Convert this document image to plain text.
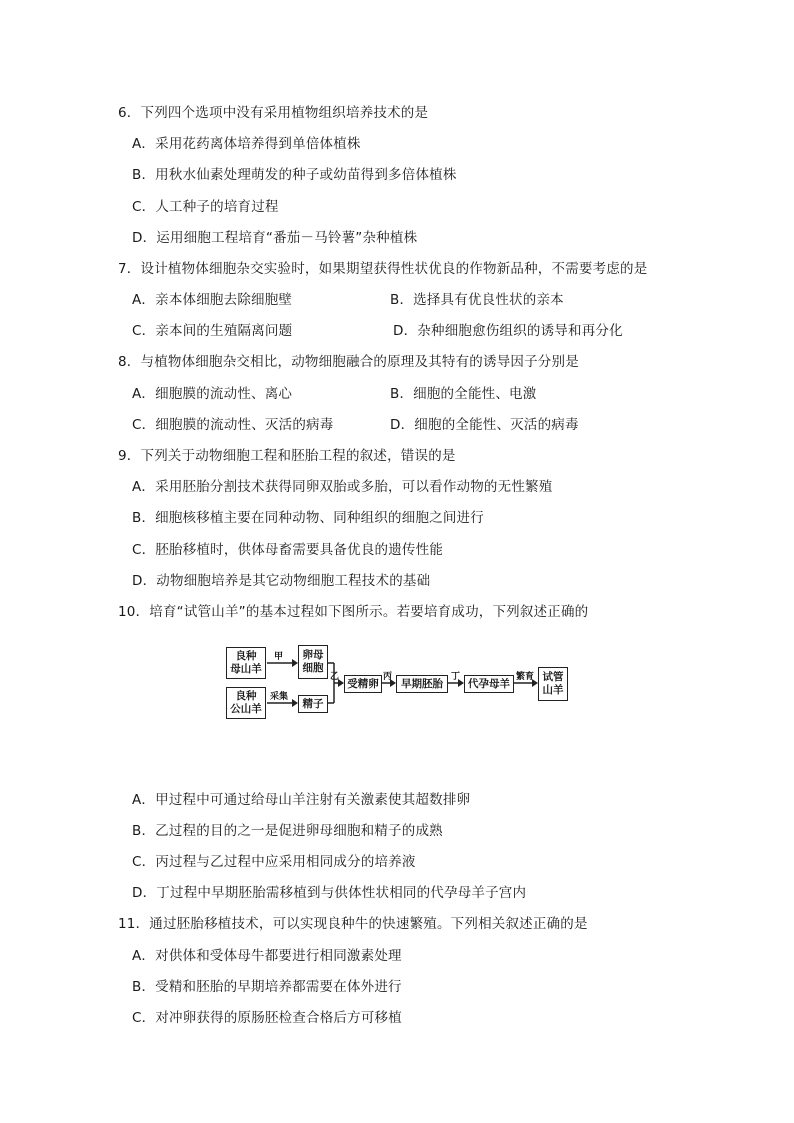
6．下列四个选项中没有采用植物组织培养技术的是
A．采用花药离体培养得到单倍体植株
B．用秋水仙素处理萌发的种子或幼苗得到多倍体植株
C．人工种子的培育过程
D．运用细胞工程培育“番茄－马铃薯”杂种植株
7．设计植物体细胞杂交实验时，如果期望获得性状优良的作物新品种，不需要考虑的是
A．亲本体细胞去除细胞壁	B．选择具有优良性状的亲本
C．亲本间的生殖隔离问题	D．杂种细胞愈伤组织的诱导和再分化
8．与植物体细胞杂交相比，动物细胞融合的原理及其特有的诱导因子分别是
A．细胞膜的流动性、离心	B．细胞的全能性、电激
C．细胞膜的流动性、灭活的病毒	D．细胞的全能性、灭活的病毒
9．下列关于动物细胞工程和胚胎工程的叙述，错误的是
A．采用胚胎分割技术获得同卵双胎或多胎，可以看作动物的无性繁殖
B．细胞核移植主要在同种动物、同种组织的细胞之间进行
C．胚胎移植时，供体母畜需要具备优良的遗传性能
D．动物细胞培养是其它动物细胞工程技术的基础
10．培育“试管山羊”的基本过程如下图所示。若要培育成功，下列叙述正确的
良种
母山羊
良种
公山羊
卵母
细胞
精子
受精卵	早期胚胎	代孕母羊
试管
山羊
甲
采集
乙	丙	丁	繁育
A．甲过程中可通过给母山羊注射有关激素使其超数排卵
B．乙过程的目的之一是促进卵母细胞和精子的成熟
C．丙过程与乙过程中应采用相同成分的培养液
D．丁过程中早期胚胎需移植到与供体性状相同的代孕母羊子宫内
11．通过胚胎移植技术，可以实现良种牛的快速繁殖。下列相关叙述正确的是
A．对供体和受体母牛都要进行相同激素处理
B．受精和胚胎的早期培养都需要在体外进行
C．对冲卵获得的原肠胚检查合格后方可移植
